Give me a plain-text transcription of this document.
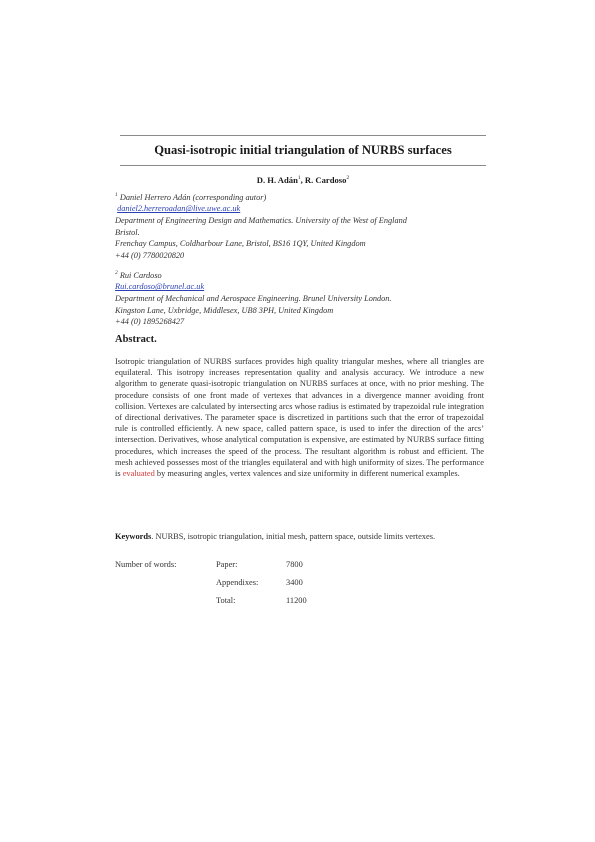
Quasi-isotropic initial triangulation of NURBS surfaces
D. H. Adán$^1$, R. Cardoso$^2$
$^1$ Daniel Herrero Adán (corresponding autor)
daniel2.herreroadan@live.uwe.ac.uk
Department of Engineering Design and Mathematics. University of the West of England
Bristol.
Frenchay Campus, Coldharbour Lane, Bristol, BS16 1QY, United Kingdom
+44 (0) 7780020820
$^2$ Rui Cardoso
Rui.cardoso@brunel.ac.uk
Department of Mechanical and Aerospace Engineering. Brunel University London.
Kingston Lane, Uxbridge, Middlesex, UB8 3PH, United Kingdom
+44 (0) 1895268427
Abstract.
Isotropic triangulation of NURBS surfaces provides high quality triangular meshes, where all triangles are equilateral. This isotropy increases representation quality and analysis accuracy. We introduce a new algorithm to generate quasi-isotropic triangulation on NURBS surfaces at once, with no prior meshing. The procedure consists of one front made of vertexes that advances in a divergence manner avoiding front collision. Vertexes are calculated by intersecting arcs whose radius is estimated by trapezoidal rule integration of directional derivatives. The parameter space is discretized in partitions such that the error of trapezoidal rule is controlled efficiently. A new space, called pattern space, is used to infer the direction of the arcs’ intersection. Derivatives, whose analytical computation is expensive, are estimated by NURBS surface fitting procedures, which increases the speed of the process. The resultant algorithm is robust and efficient. The mesh achieved possesses most of the triangles equilateral and with high uniformity of sizes. The performance is evaluated by measuring angles, vertex valences and size uniformity in different numerical examples.
Keywords. NURBS, isotropic triangulation, initial mesh, pattern space, outside limits vertexes.
Number of words:	Paper:	7800
Appendixes:	3400
Total:	11200
